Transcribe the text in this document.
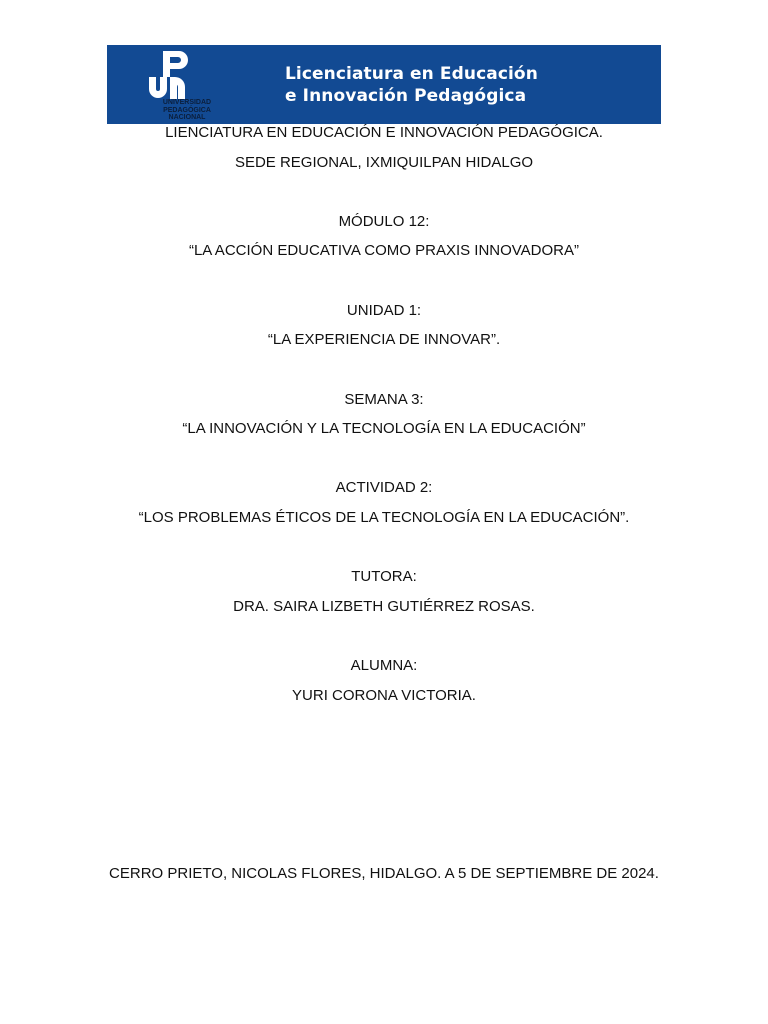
UNIVERSIDAD
PEDAGÓGICA
NACIONAL
Licenciatura en Educación
e Innovación Pedagógica
LIENCIATURA EN EDUCACIÓN E INNOVACIÓN PEDAGÓGICA.
SEDE REGIONAL, IXMIQUILPAN HIDALGO
MÓDULO 12:
“LA ACCIÓN EDUCATIVA COMO PRAXIS INNOVADORA”
UNIDAD 1:
“LA EXPERIENCIA DE INNOVAR”.
SEMANA 3:
“LA INNOVACIÓN Y LA TECNOLOGÍA EN LA EDUCACIÓN”
ACTIVIDAD 2:
“LOS PROBLEMAS ÉTICOS DE LA TECNOLOGÍA EN LA EDUCACIÓN”.
TUTORA:
DRA. SAIRA LIZBETH GUTIÉRREZ ROSAS.
ALUMNA:
YURI CORONA VICTORIA.
CERRO PRIETO, NICOLAS FLORES, HIDALGO. A 5 DE SEPTIEMBRE DE 2024.
